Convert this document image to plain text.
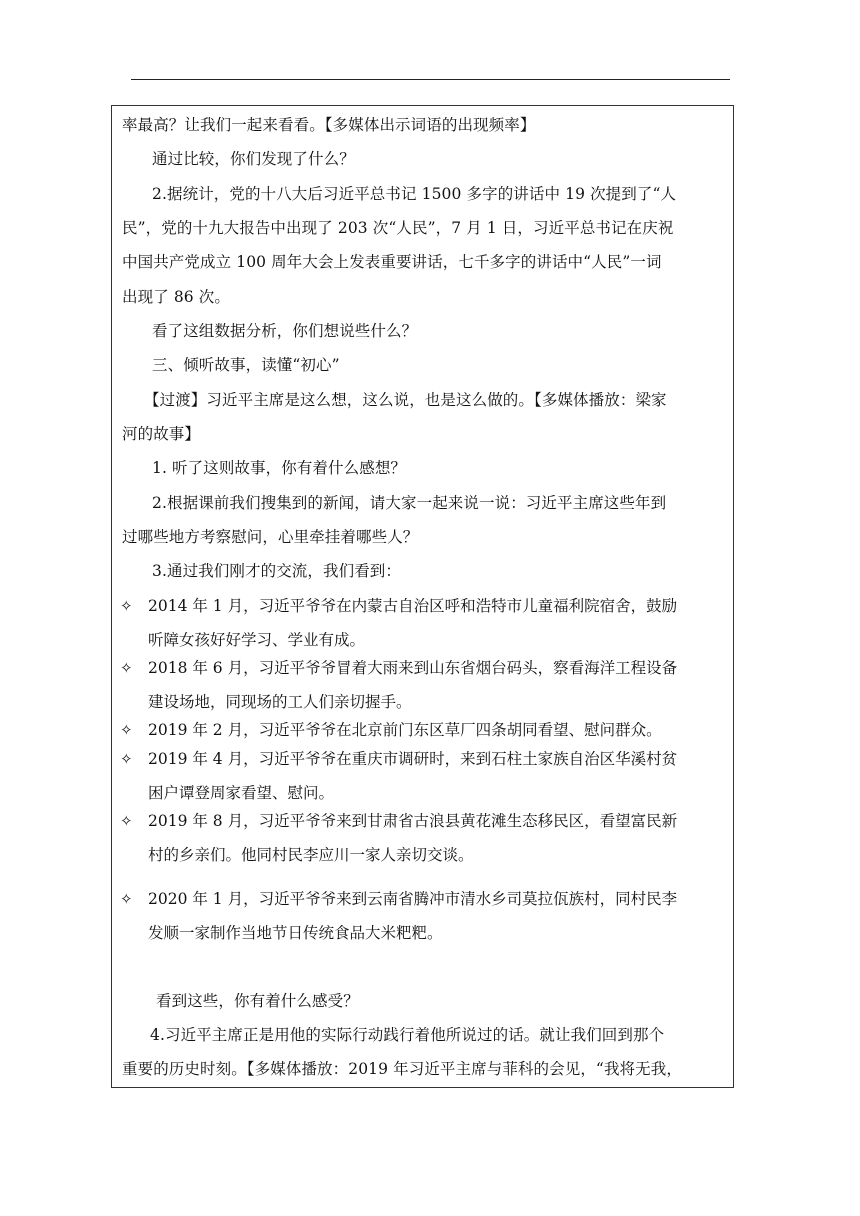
率最高？让我们一起来看看。【多媒体出示词语的出现频率】
通过比较，你们发现了什么？
2.据统计，党的十八大后习近平总书记 1500 多字的讲话中 19 次提到了“人
民”，党的十九大报告中出现了 203 次“人民”，7 月 1 日，习近平总书记在庆祝
中国共产党成立 100 周年大会上发表重要讲话，七千多字的讲话中“人民”一词
出现了 86 次。
看了这组数据分析，你们想说些什么？
三、倾听故事，读懂“初心”
【过渡】习近平主席是这么想，这么说，也是这么做的。【多媒体播放：梁家
河的故事】
1. 听了这则故事，你有着什么感想？
2.根据课前我们搜集到的新闻，请大家一起来说一说：习近平主席这些年到
过哪些地方考察慰问，心里牵挂着哪些人？
3.通过我们刚才的交流，我们看到：
✧ 2014 年 1 月，习近平爷爷在内蒙古自治区呼和浩特市儿童福利院宿舍，鼓励
听障女孩好好学习、学业有成。
✧ 2018 年 6 月，习近平爷爷冒着大雨来到山东省烟台码头，察看海洋工程设备
建设场地，同现场的工人们亲切握手。
✧ 2019 年 2 月，习近平爷爷在北京前门东区草厂四条胡同看望、慰问群众。
✧ 2019 年 4 月，习近平爷爷在重庆市调研时，来到石柱土家族自治区华溪村贫
困户谭登周家看望、慰问。
✧ 2019 年 8 月，习近平爷爷来到甘肃省古浪县黄花滩生态移民区，看望富民新
村的乡亲们。他同村民李应川一家人亲切交谈。
✧ 2020 年 1 月，习近平爷爷来到云南省腾冲市清水乡司莫拉佤族村，同村民李
发顺一家制作当地节日传统食品大米粑粑。
看到这些，你有着什么感受？
4.习近平主席正是用他的实际行动践行着他所说过的话。就让我们回到那个
重要的历史时刻。【多媒体播放：2019 年习近平主席与菲科的会见，“我将无我，
